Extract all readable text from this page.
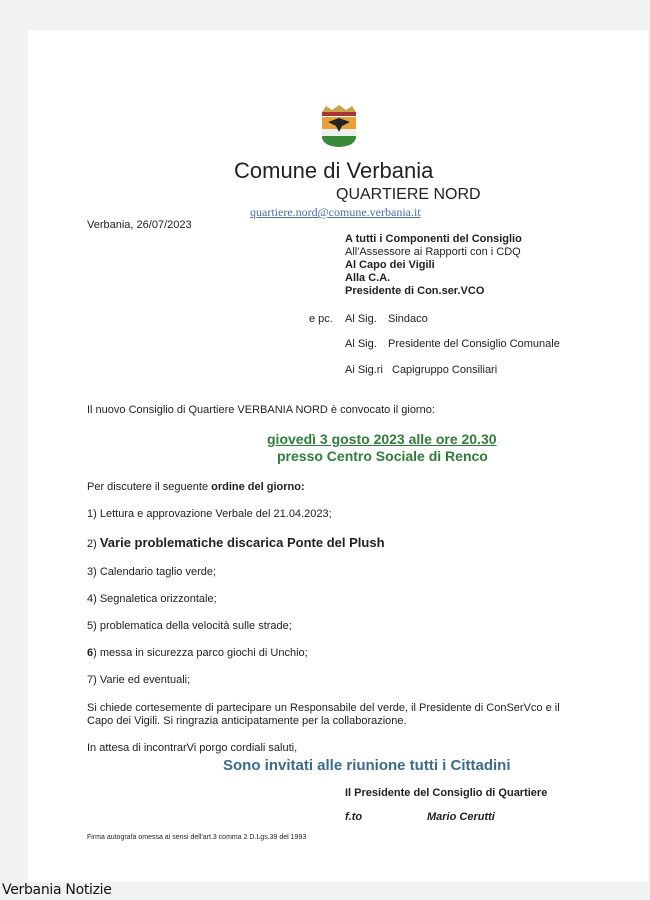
Comune di Verbania
QUARTIERE NORD
quartiere.nord@comune.verbania.it
Verbania, 26/07/2023
A tutti i Componenti del Consiglio
All'Assessore ai Rapporti con i CDQ
Al Capo dei Vigili
Alla C.A.
Presidente di Con.ser.VCO
e pc. Al Sig. Sindaco
Al Sig. Presidente del Consiglio Comunale
Ai Sig.ri Capigruppo Consiliari
Il nuovo Consiglio di Quartiere VERBANIA NORD è convocato il giorno:
giovedì 3 gosto 2023 alle ore 20.30
presso Centro Sociale di Renco
Per discutere il seguente ordine del giorno:
1) Lettura e approvazione Verbale del 21.04.2023;
2) Varie problematiche discarica Ponte del Plush
3) Calendario taglio verde;
4) Segnaletica orizzontale;
5) problematica della velocità sulle strade;
6) messa in sicurezza parco giochi di Unchio;
7) Varie ed eventuali;
Si chiede cortesemente di partecipare un Responsabile del verde, il Presidente di ConSerVco e il
Capo dei Vigili. Si ringrazia anticipatamente per la collaborazione.
In attesa di incontrarVi porgo cordiali saluti,
Sono invitati alle riunione tutti i Cittadini
Il Presidente del Consiglio di Quartiere
f.to	Mario Cerutti
Firma autografa omessa ai sensi dell'art.3 comma 2 D.Lgs.39 del 1993
Verbania Notizie
